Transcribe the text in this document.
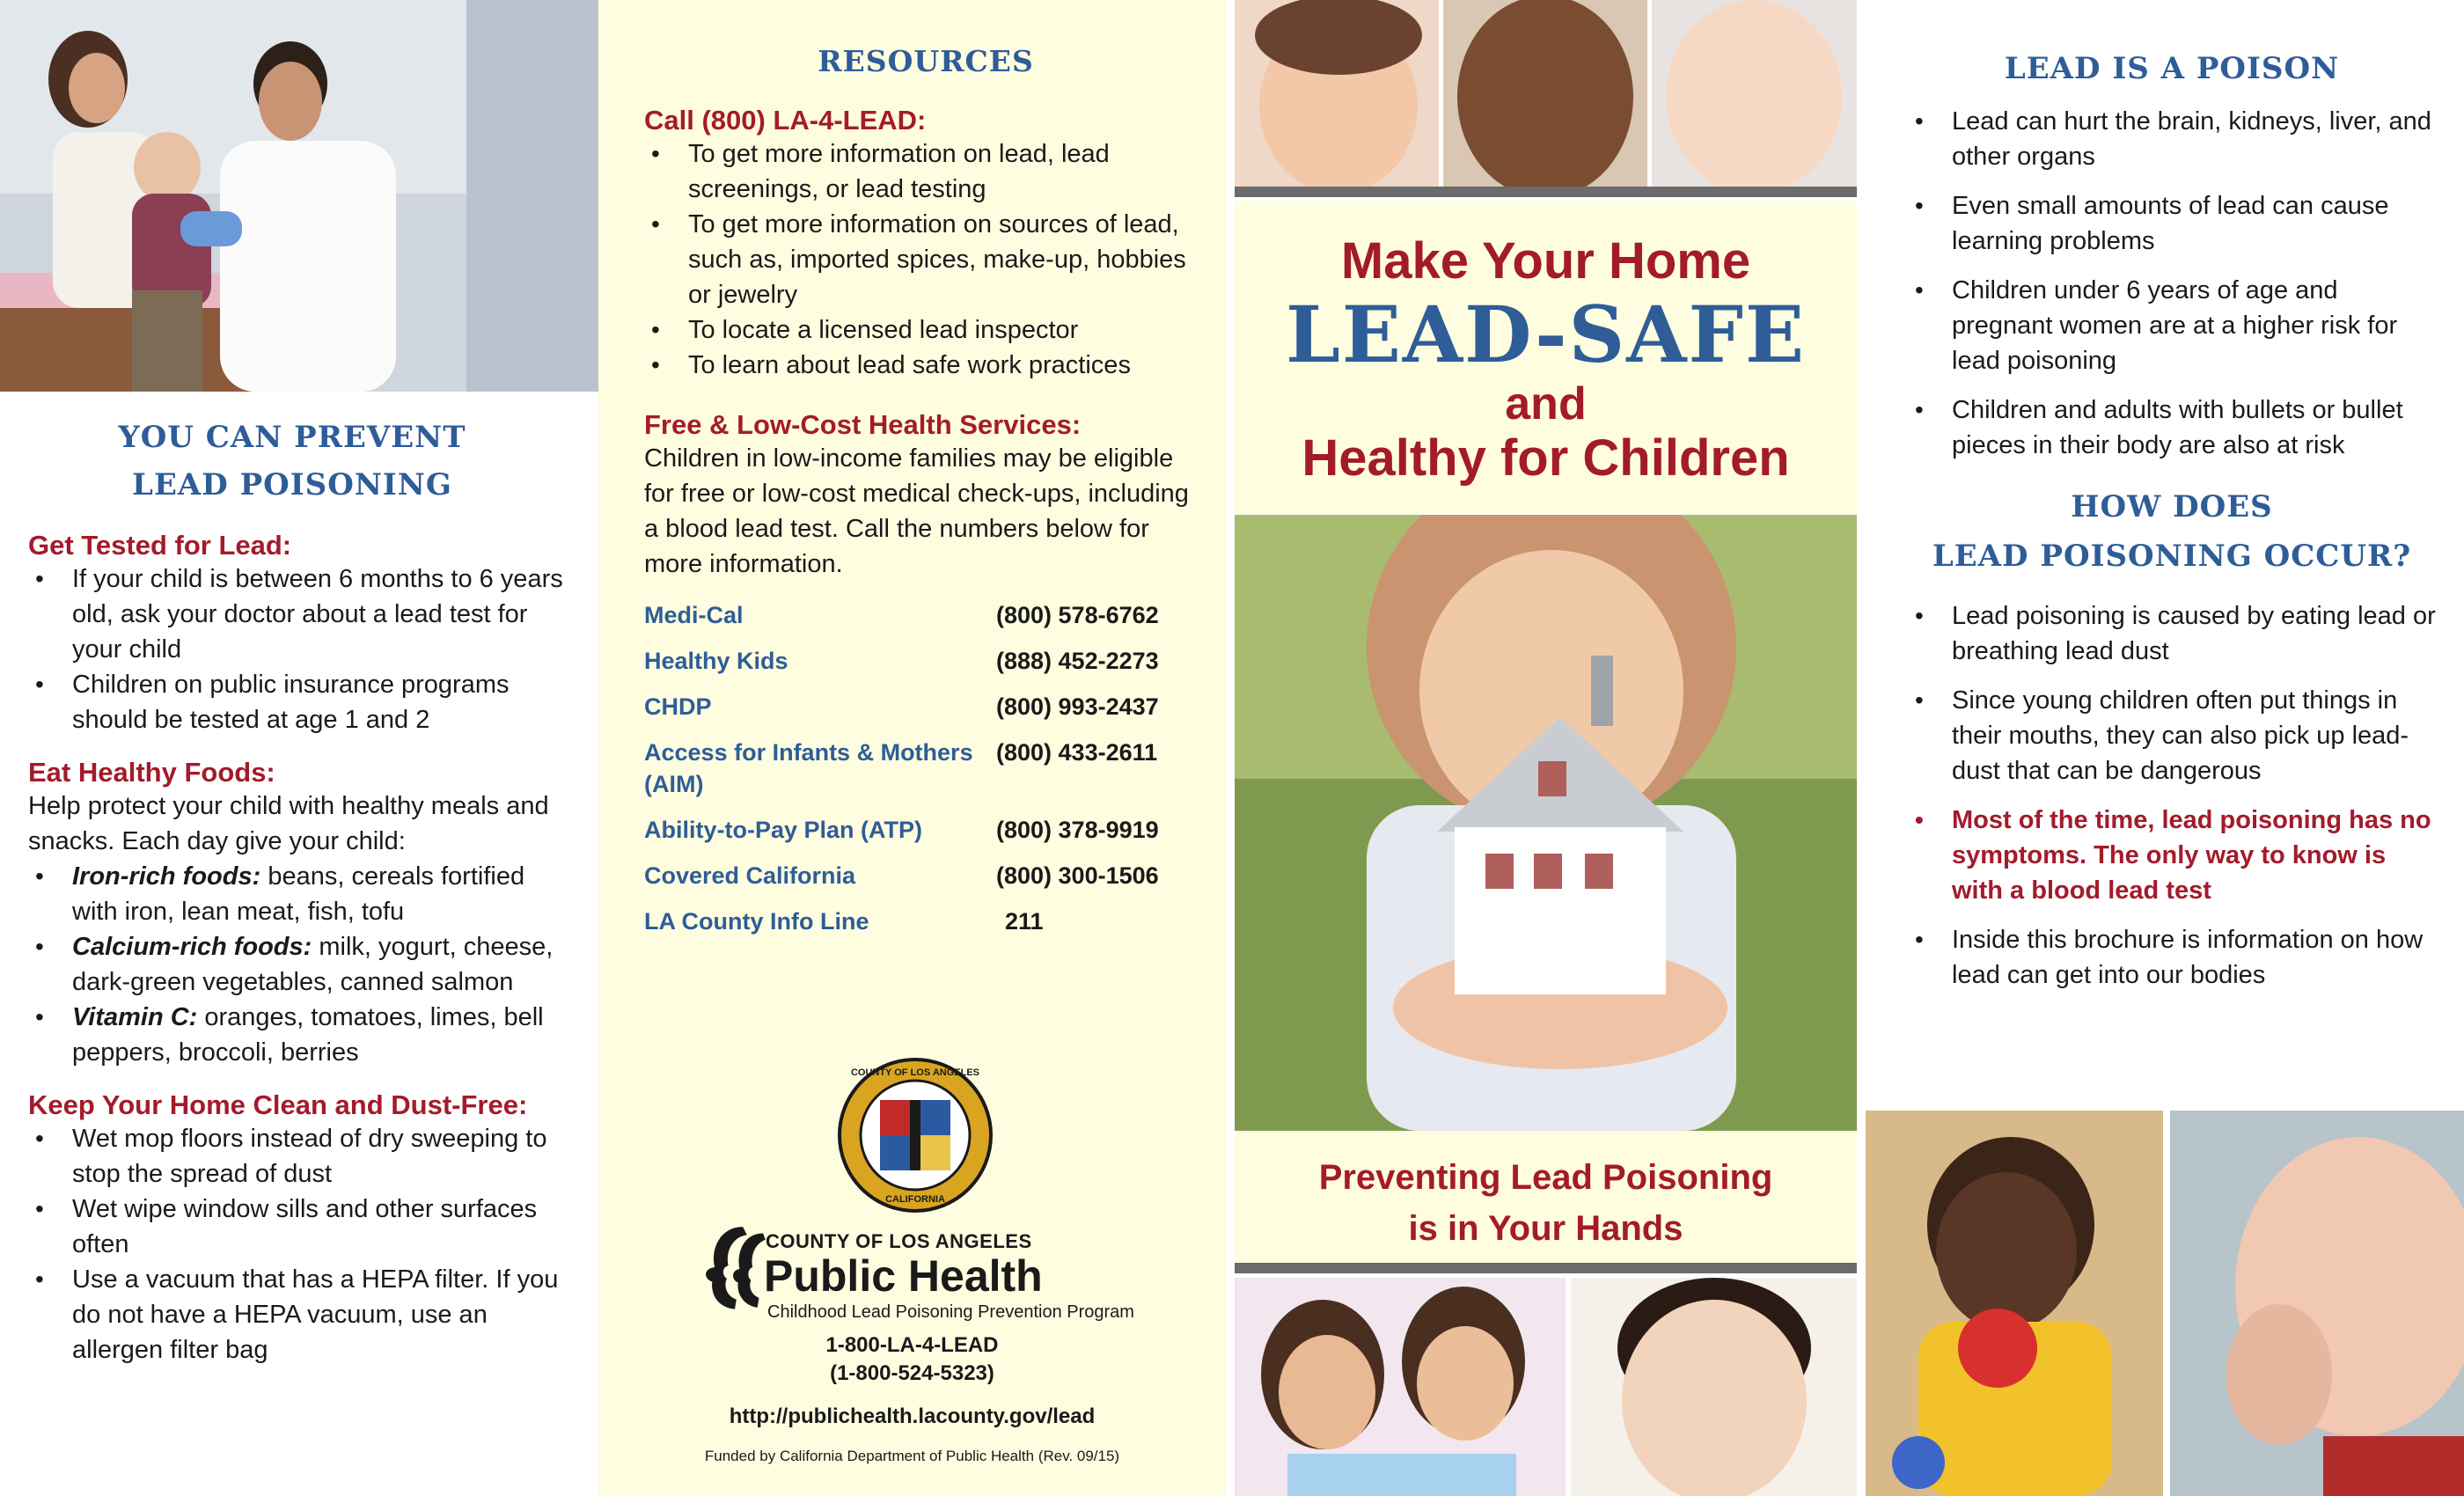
YOU CAN PREVENT
LEAD POISONING
Get Tested for Lead:
• If your child is between 6 months to 6 years old, ask your doctor about a lead test for your child
• Children on public insurance programs should be tested at age 1 and 2
Eat Healthy Foods:
Help protect your child with healthy meals and snacks. Each day give your child:
• Iron-rich foods: beans, cereals fortified with iron, lean meat, fish, tofu
• Calcium-rich foods: milk, yogurt, cheese, dark-green vegetables, canned salmon
• Vitamin C: oranges, tomatoes, limes, bell peppers, broccoli, berries
Keep Your Home Clean and Dust-Free:
• Wet mop floors instead of dry sweeping to stop the spread of dust
• Wet wipe window sills and other surfaces often
• Use a vacuum that has a HEPA filter. If you do not have a HEPA vacuum, use an allergen filter bag
RESOURCES
Call (800) LA-4-LEAD:
• To get more information on lead, lead screenings, or lead testing
• To get more information on sources of lead, such as, imported spices, make-up, hobbies or jewelry
• To locate a licensed lead inspector
• To learn about lead safe work practices
Free & Low-Cost Health Services:
Children in low-income families may be eligible for free or low-cost medical check-ups, including a blood lead test. Call the numbers below for more information.
Medi-Cal	(800) 578-6762
Healthy Kids	(888) 452-2273
CHDP	(800) 993-2437
Access for Infants & Mothers (AIM)	(800) 433-2611
Ability-to-Pay Plan (ATP)	(800) 378-9919
Covered California	(800) 300-1506
LA County Info Line	211
COUNTY OF LOS ANGELES
CALIFORNIA
COUNTY OF LOS ANGELES
Public Health
Childhood Lead Poisoning Prevention Program
1-800-LA-4-LEAD
(1-800-524-5323)
http://publichealth.lacounty.gov/lead
Funded by California Department of Public Health (Rev. 09/15)
Make Your Home
LEAD-SAFE
and
Healthy for Children
Preventing Lead Poisoning
is in Your Hands
LEAD IS A POISON
• Lead can hurt the brain, kidneys, liver, and other organs
• Even small amounts of lead can cause learning problems
• Children under 6 years of age and pregnant women are at a higher risk for lead poisoning
• Children and adults with bullets or bullet pieces in their body are also at risk
HOW DOES
LEAD POISONING OCCUR?
• Lead poisoning is caused by eating lead or breathing lead dust
• Since young children often put things in their mouths, they can also pick up lead-dust that can be dangerous
• Most of the time, lead poisoning has no symptoms. The only way to know is with a blood lead test
• Inside this brochure is information on how lead can get into our bodies
